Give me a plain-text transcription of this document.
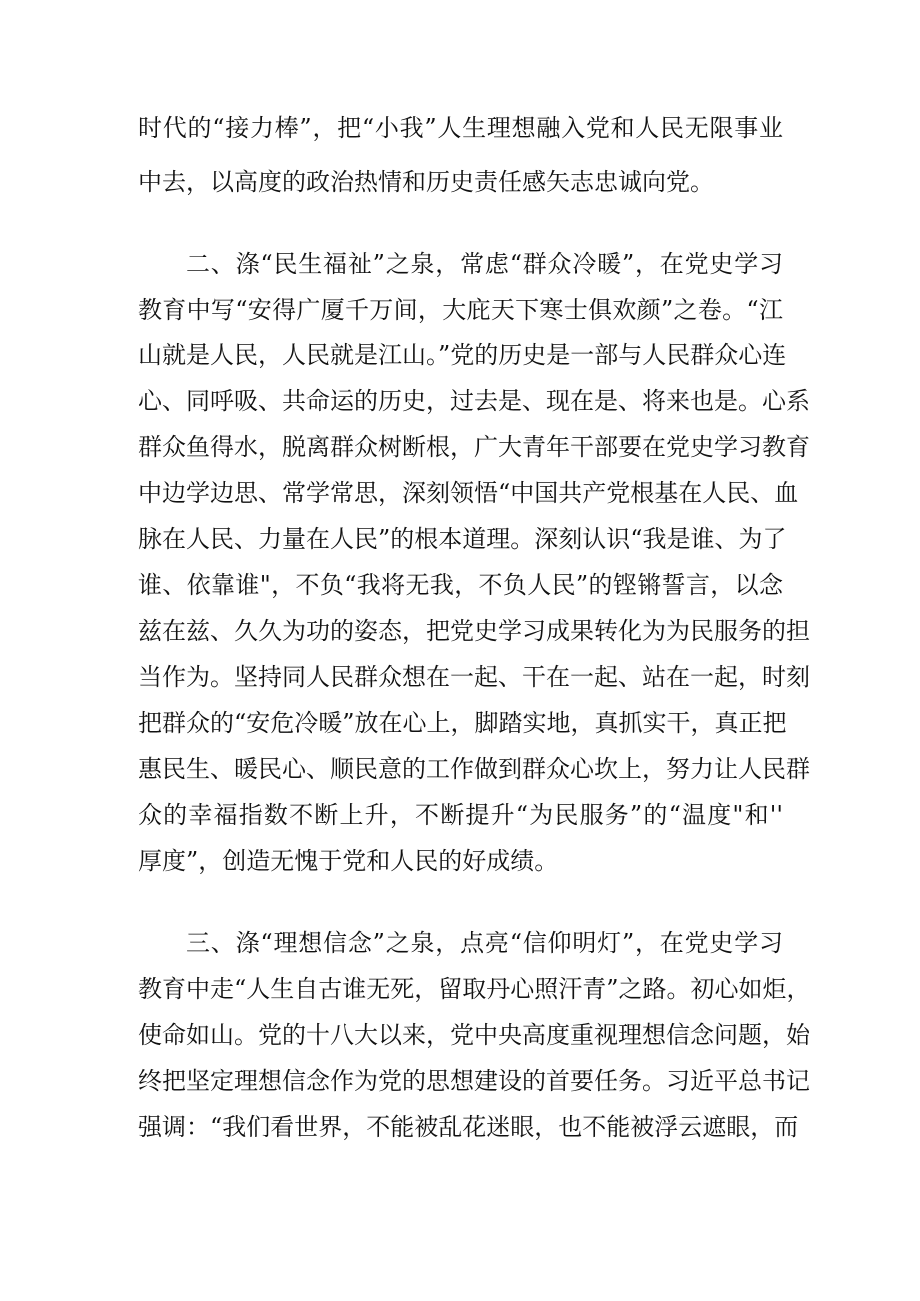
时代的“接力棒”，把“小我”人生理想融入党和人民无限事业
中去，以高度的政治热情和历史责任感矢志忠诚向党。
二、涤“民生福祉”之泉，常虑“群众冷暖”，在党史学习
教育中写“安得广厦千万间，大庇天下寒士俱欢颜”之卷。“江
山就是人民，人民就是江山。”党的历史是一部与人民群众心连
心、同呼吸、共命运的历史，过去是、现在是、将来也是。心系
群众鱼得水，脱离群众树断根，广大青年干部要在党史学习教育
中边学边思、常学常思，深刻领悟“中国共产党根基在人民、血
脉在人民、力量在人民”的根本道理。深刻认识“我是谁、为了
谁、依靠谁"，不负“我将无我，不负人民”的铿锵誓言，以念
兹在兹、久久为功的姿态，把党史学习成果转化为为民服务的担
当作为。坚持同人民群众想在一起、干在一起、站在一起，时刻
把群众的“安危冷暖”放在心上，脚踏实地，真抓实干，真正把
惠民生、暖民心、顺民意的工作做到群众心坎上，努力让人民群
众的幸福指数不断上升，不断提升“为民服务”的“温度"和''
厚度”，创造无愧于党和人民的好成绩。
三、涤“理想信念”之泉，点亮“信仰明灯”，在党史学习
教育中走“人生自古谁无死，留取丹心照汗青”之路。初心如炬，
使命如山。党的十八大以来，党中央高度重视理想信念问题，始
终把坚定理想信念作为党的思想建设的首要任务。习近平总书记
强调：“我们看世界，不能被乱花迷眼，也不能被浮云遮眼，而
